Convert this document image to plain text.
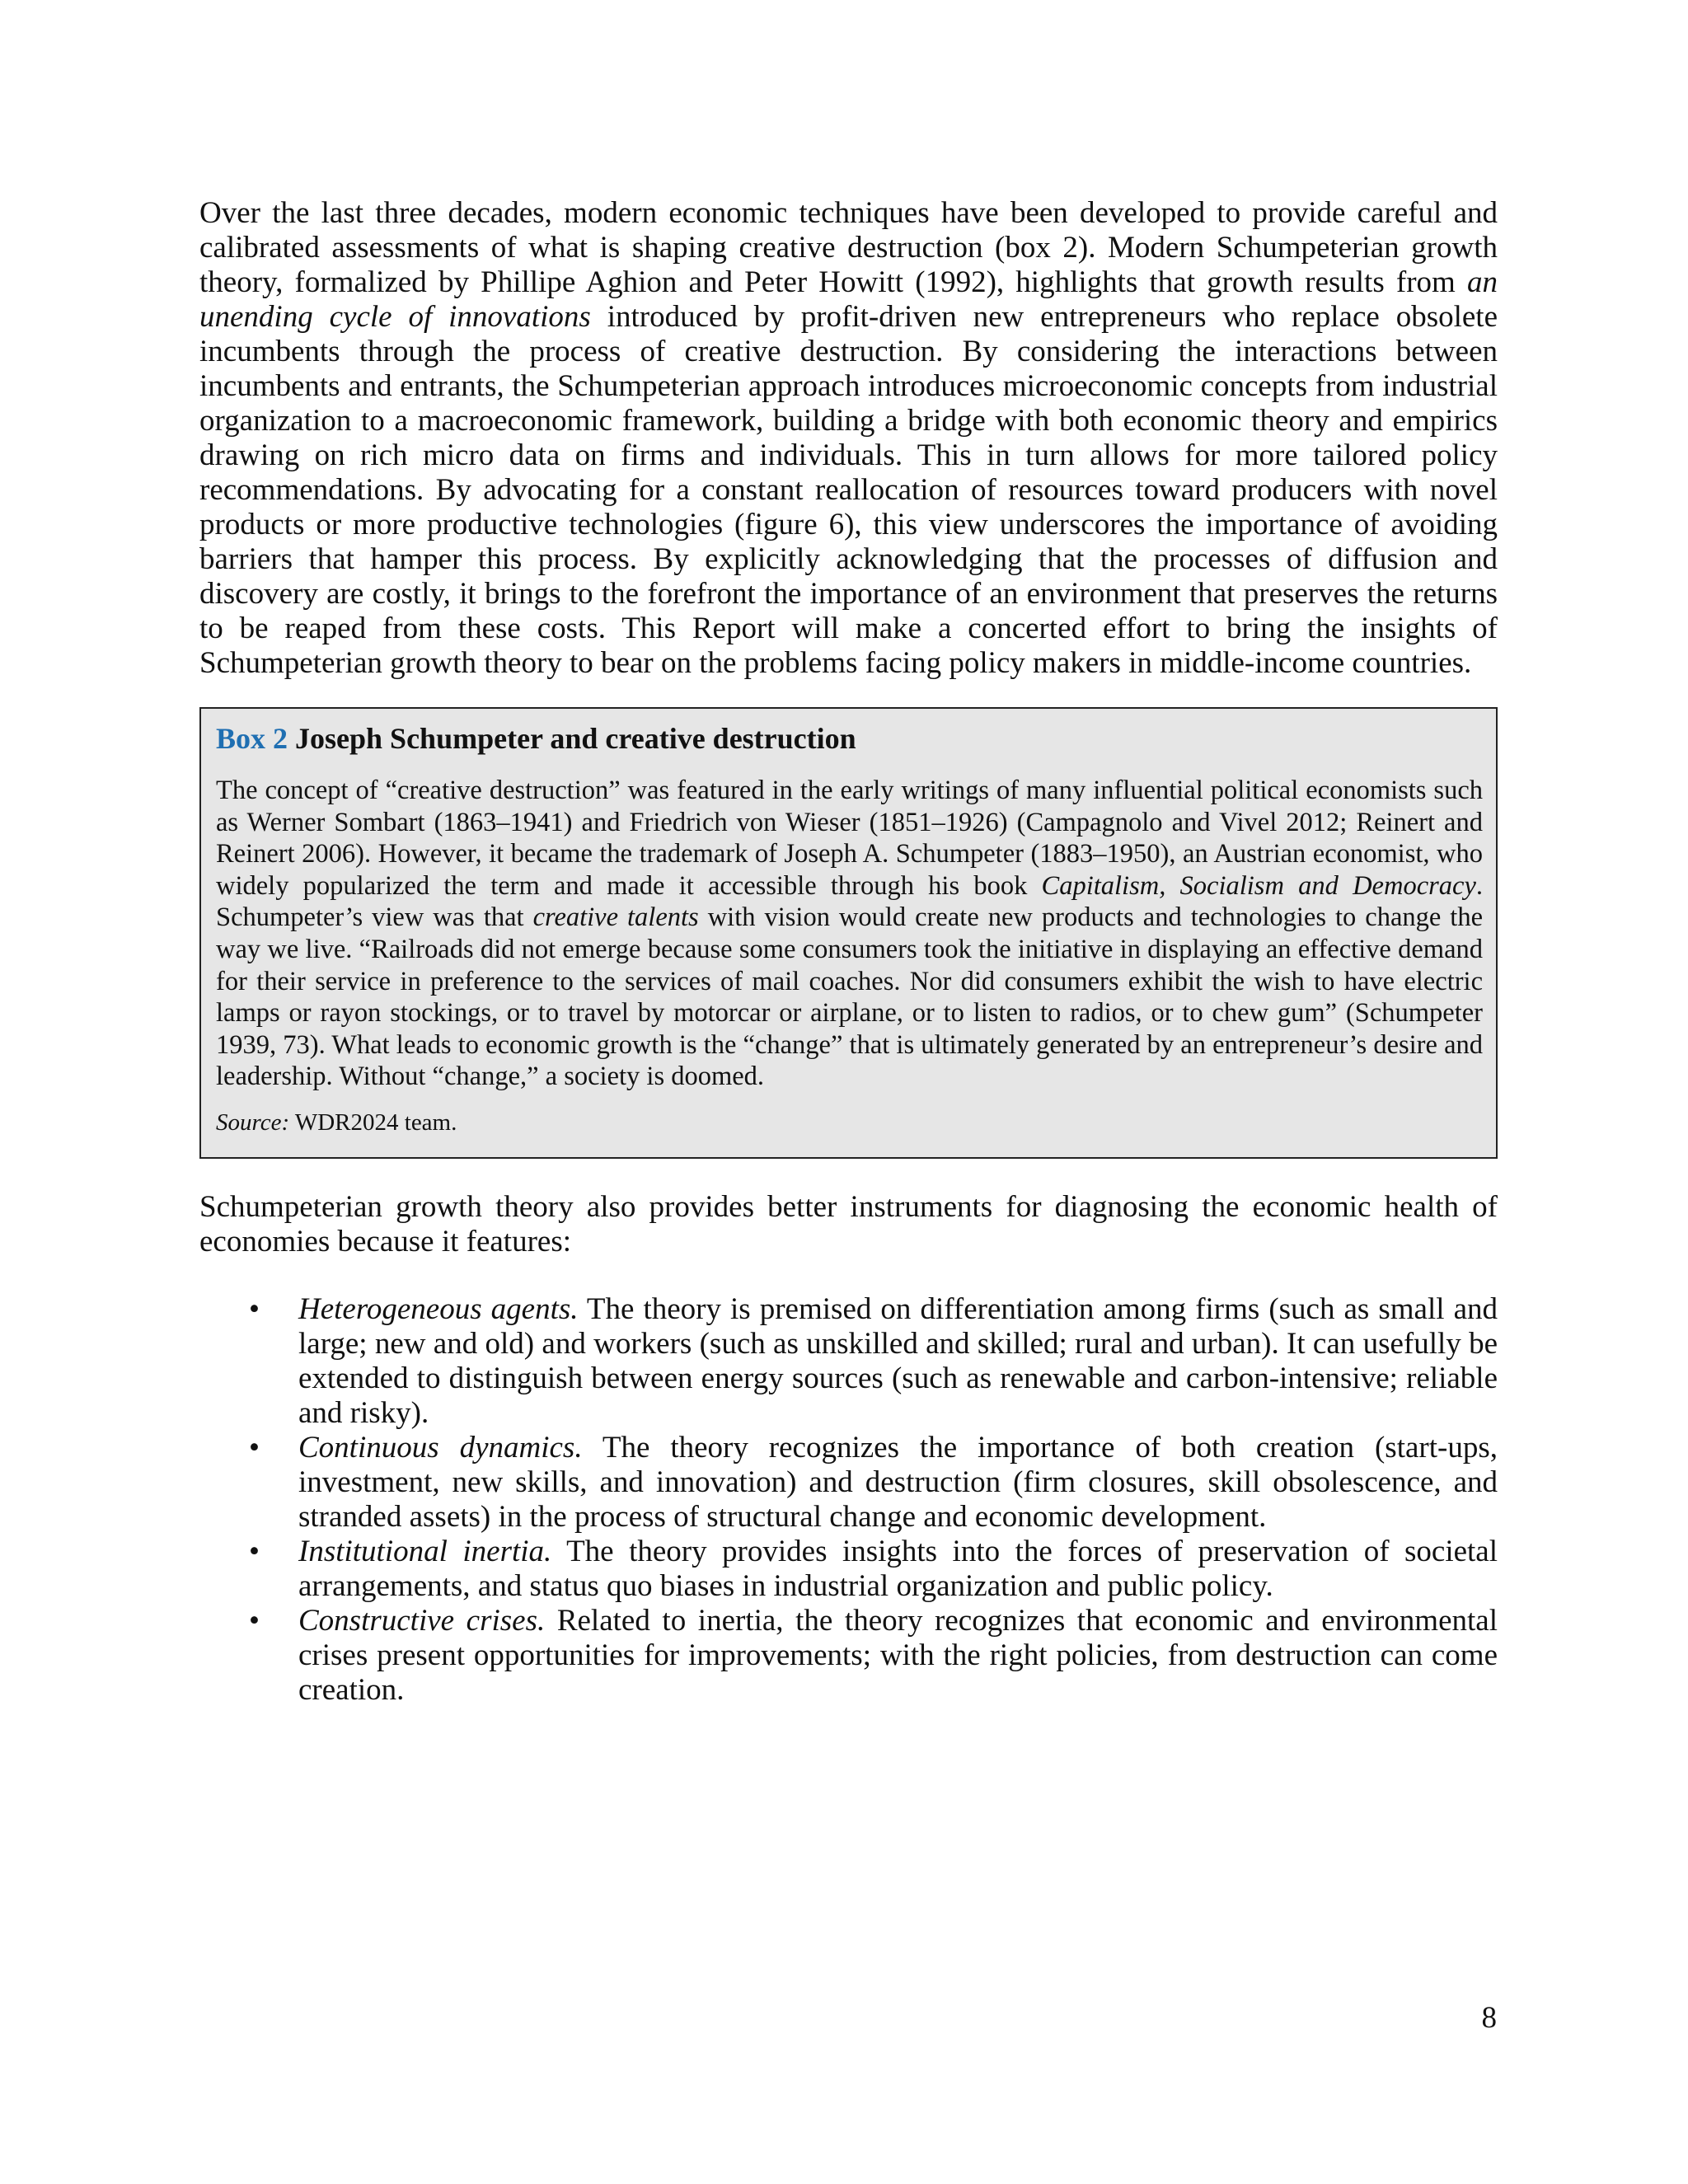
Over the last three decades, modern economic techniques have been developed to provide careful and calibrated assessments of what is shaping creative destruction (box 2). Modern Schumpeterian growth theory, formalized by Phillipe Aghion and Peter Howitt (1992), highlights that growth results from an unending cycle of innovations introduced by profit-driven new entrepreneurs who replace obsolete incumbents through the process of creative destruction. By considering the interactions between incumbents and entrants, the Schumpeterian approach introduces microeconomic concepts from industrial organization to a macroeconomic framework, building a bridge with both economic theory and empirics drawing on rich micro data on firms and individuals. This in turn allows for more tailored policy recommendations. By advocating for a constant reallocation of resources toward producers with novel products or more productive technologies (figure 6), this view underscores the importance of avoiding barriers that hamper this process. By explicitly acknowledging that the processes of diffusion and discovery are costly, it brings to the forefront the importance of an environment that preserves the returns to be reaped from these costs. This Report will make a concerted effort to bring the insights of Schumpeterian growth theory to bear on the problems facing policy makers in middle-income countries.

Box 2 Joseph Schumpeter and creative destruction

The concept of “creative destruction” was featured in the early writings of many influential political economists such as Werner Sombart (1863–1941) and Friedrich von Wieser (1851–1926) (Campagnolo and Vivel 2012; Reinert and Reinert 2006). However, it became the trademark of Joseph A. Schumpeter (1883–1950), an Austrian economist, who widely popularized the term and made it accessible through his book Capitalism, Socialism and Democracy. Schumpeter’s view was that creative talents with vision would create new products and technologies to change the way we live. “Railroads did not emerge because some consumers took the initiative in displaying an effective demand for their service in preference to the services of mail coaches. Nor did consumers exhibit the wish to have electric lamps or rayon stockings, or to travel by motorcar or airplane, or to listen to radios, or to chew gum” (Schumpeter 1939, 73). What leads to economic growth is the “change” that is ultimately generated by an entrepreneur’s desire and leadership. Without “change,” a society is doomed.

Source: WDR2024 team.

Schumpeterian growth theory also provides better instruments for diagnosing the economic health of economies because it features:

• Heterogeneous agents. The theory is premised on differentiation among firms (such as small and large; new and old) and workers (such as unskilled and skilled; rural and urban). It can usefully be extended to distinguish between energy sources (such as renewable and carbon-intensive; reliable and risky).
• Continuous dynamics. The theory recognizes the importance of both creation (start-ups, investment, new skills, and innovation) and destruction (firm closures, skill obsolescence, and stranded assets) in the process of structural change and economic development.
• Institutional inertia. The theory provides insights into the forces of preservation of societal arrangements, and status quo biases in industrial organization and public policy.
• Constructive crises. Related to inertia, the theory recognizes that economic and environmental crises present opportunities for improvements; with the right policies, from destruction can come creation.
8
